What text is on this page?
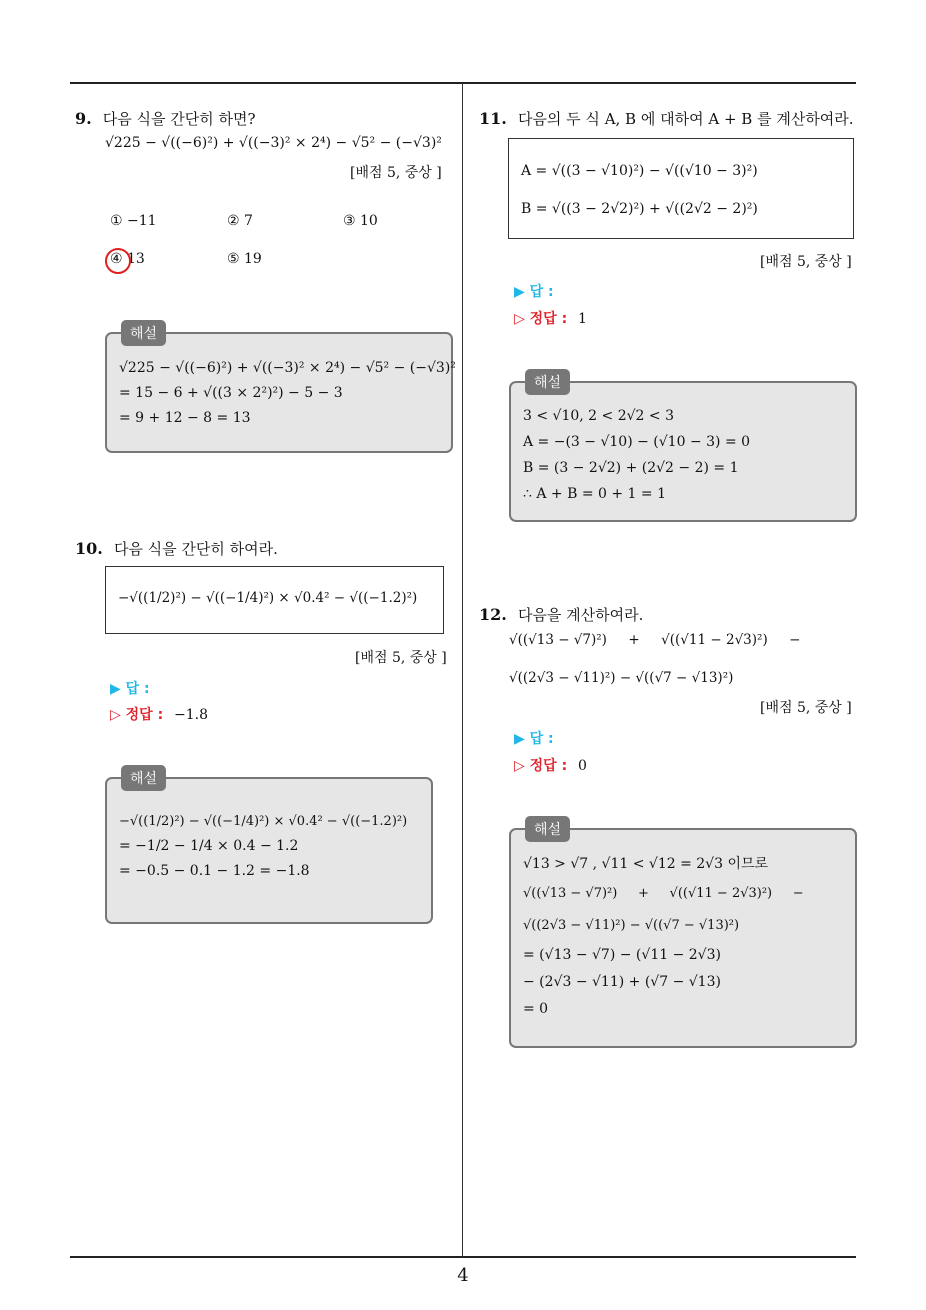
9. 다음 식을 간단히 하면?
√225 − √((−6)²) + √((−3)² × 2⁴) − √5² − (−√3)²
[배점 5, 중상 ]
① −11	② 7	③ 10
④ 13	⑤ 19
해설
√225 − √((−6)²) + √((−3)² × 2⁴) − √5² − (−√3)²
= 15 − 6 + √((3 × 2²)²) − 5 − 3
= 9 + 12 − 8 = 13
10. 다음 식을 간단히 하여라.
−√((1/2)²) − √((−1/4)²) × √0.4² − √((−1.2)²)
[배점 5, 중상 ]
▶ 답 :
▷ 정답 : −1.8
해설
−√((1/2)²) − √((−1/4)²) × √0.4² − √((−1.2)²)
= −1/2 − 1/4 × 0.4 − 1.2
= −0.5 − 0.1 − 1.2 = −1.8
11. 다음의 두 식 A, B 에 대하여 A + B 를 계산하여라.
A = √((3 − √10)²) − √((√10 − 3)²)
B = √((3 − 2√2)²) + √((2√2 − 2)²)
[배점 5, 중상 ]
▶ 답 :
▷ 정답 : 1
해설
3 < √10, 2 < 2√2 < 3
A = −(3 − √10) − (√10 − 3) = 0
B = (3 − 2√2) + (2√2 − 2) = 1
∴ A + B = 0 + 1 = 1
12. 다음을 계산하여라.
√((√13 − √7)²)     +     √((√11 − 2√3)²)     −
√((2√3 − √11)²) − √((√7 − √13)²)
[배점 5, 중상 ]
▶ 답 :
▷ 정답 : 0
해설
√13 > √7 , √11 < √12 = 2√3 이므로
√((√13 − √7)²)     +     √((√11 − 2√3)²)     −
√((2√3 − √11)²) − √((√7 − √13)²)
= (√13 − √7) − (√11 − 2√3)
− (2√3 − √11) + (√7 − √13)
= 0
4
